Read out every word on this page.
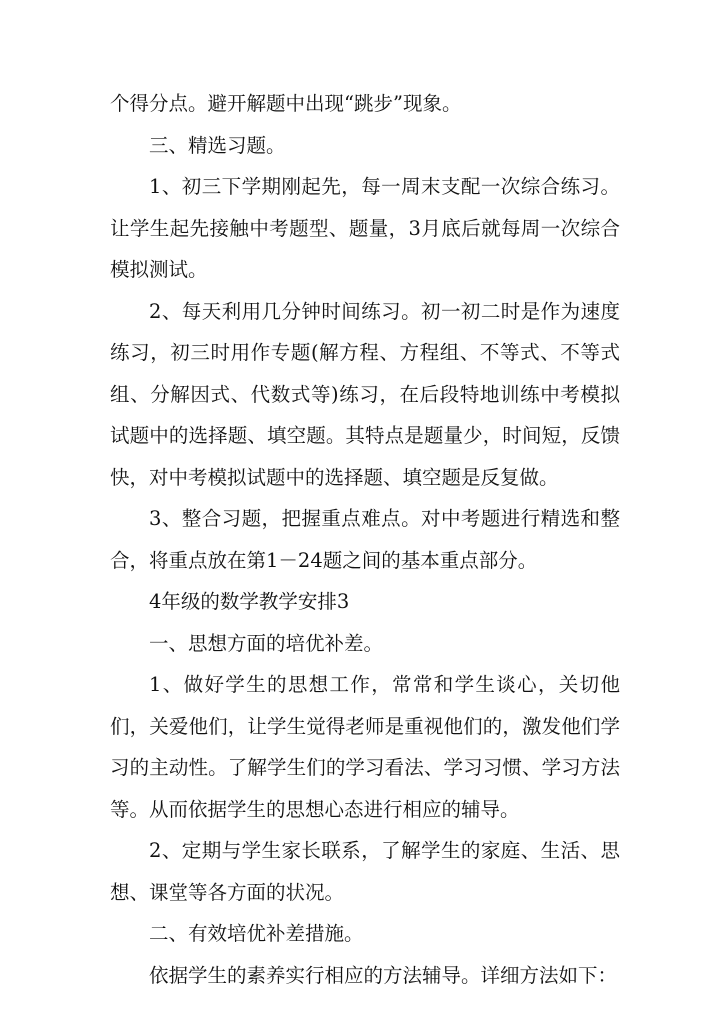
个得分点。避开解题中出现“跳步”现象。

三、精选习题。

1、初三下学期刚起先，每一周末支配一次综合练习。让学生起先接触中考题型、题量，3月底后就每周一次综合模拟测试。

2、每天利用几分钟时间练习。初一初二时是作为速度练习，初三时用作专题(解方程、方程组、不等式、不等式组、分解因式、代数式等)练习，在后段特地训练中考模拟试题中的选择题、填空题。其特点是题量少，时间短，反馈快，对中考模拟试题中的选择题、填空题是反复做。

3、整合习题，把握重点难点。对中考题进行精选和整合，将重点放在第1－24题之间的基本重点部分。

4年级的数学教学安排3

一、思想方面的培优补差。

1、做好学生的思想工作，常常和学生谈心，关切他们，关爱他们，让学生觉得老师是重视他们的，激发他们学习的主动性。了解学生们的学习看法、学习习惯、学习方法等。从而依据学生的思想心态进行相应的辅导。

2、定期与学生家长联系，了解学生的家庭、生活、思想、课堂等各方面的状况。

二、有效培优补差措施。

依据学生的素养实行相应的方法辅导。详细方法如下：
